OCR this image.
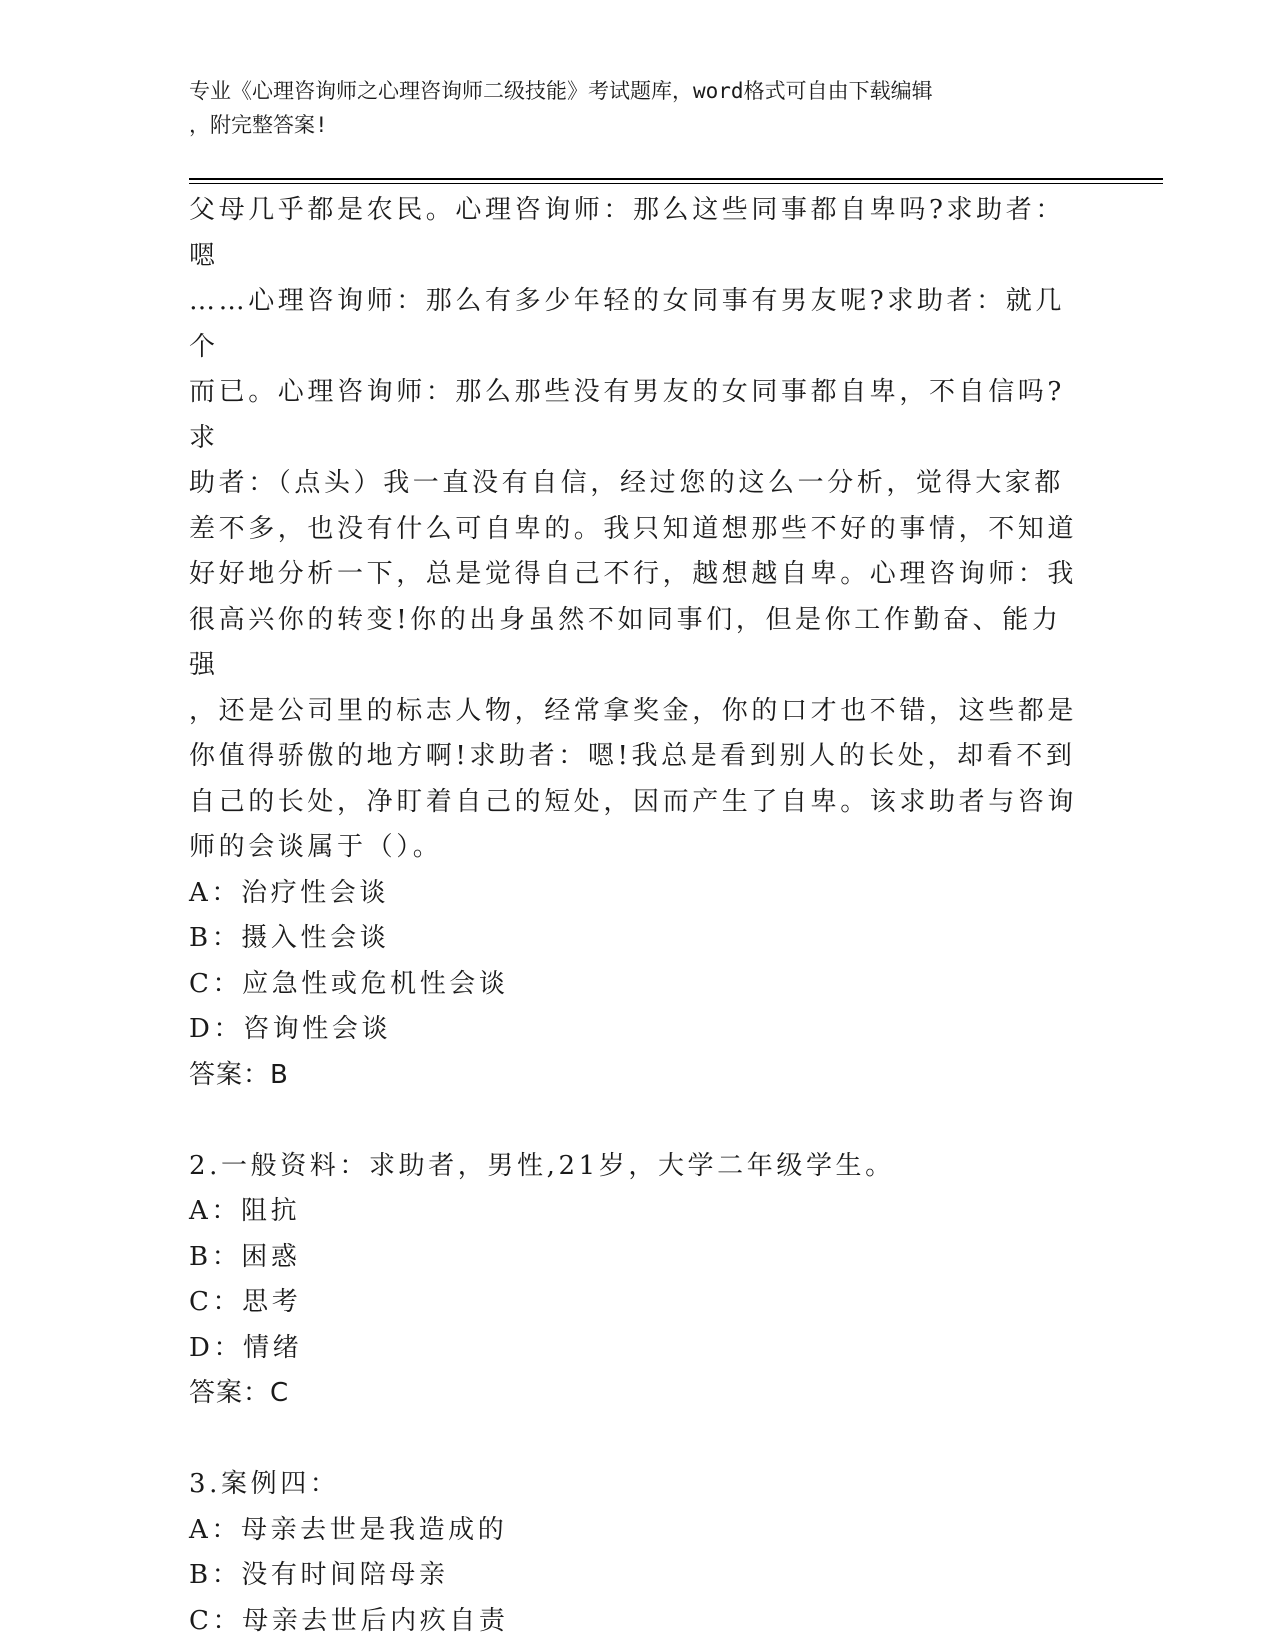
专业《心理咨询师之心理咨询师二级技能》考试题库，word格式可自由下载编辑
，附完整答案!

父母几乎都是农民。心理咨询师：那么这些同事都自卑吗?求助者：嗯

……心理咨询师：那么有多少年轻的女同事有男友呢?求助者：就几个

而已。心理咨询师：那么那些没有男友的女同事都自卑，不自信吗?求

助者：（点头）我一直没有自信，经过您的这么一分析，觉得大家都

差不多，也没有什么可自卑的。我只知道想那些不好的事情，不知道

好好地分析一下，总是觉得自己不行，越想越自卑。心理咨询师：我

很高兴你的转变!你的出身虽然不如同事们，但是你工作勤奋、能力强

，还是公司里的标志人物，经常拿奖金，你的口才也不错，这些都是

你值得骄傲的地方啊!求助者：嗯!我总是看到别人的长处，却看不到

自己的长处，净盯着自己的短处，因而产生了自卑。该求助者与咨询

师的会谈属于（）。

A：治疗性会谈

B：摄入性会谈

C：应急性或危机性会谈

D：咨询性会谈

答案：B

2.一般资料：求助者，男性,21岁，大学二年级学生。

A：阻抗

B：困惑

C：思考

D：情绪

答案：C

3.案例四：

A：母亲去世是我造成的

B：没有时间陪母亲

C：母亲去世后内疚自责
